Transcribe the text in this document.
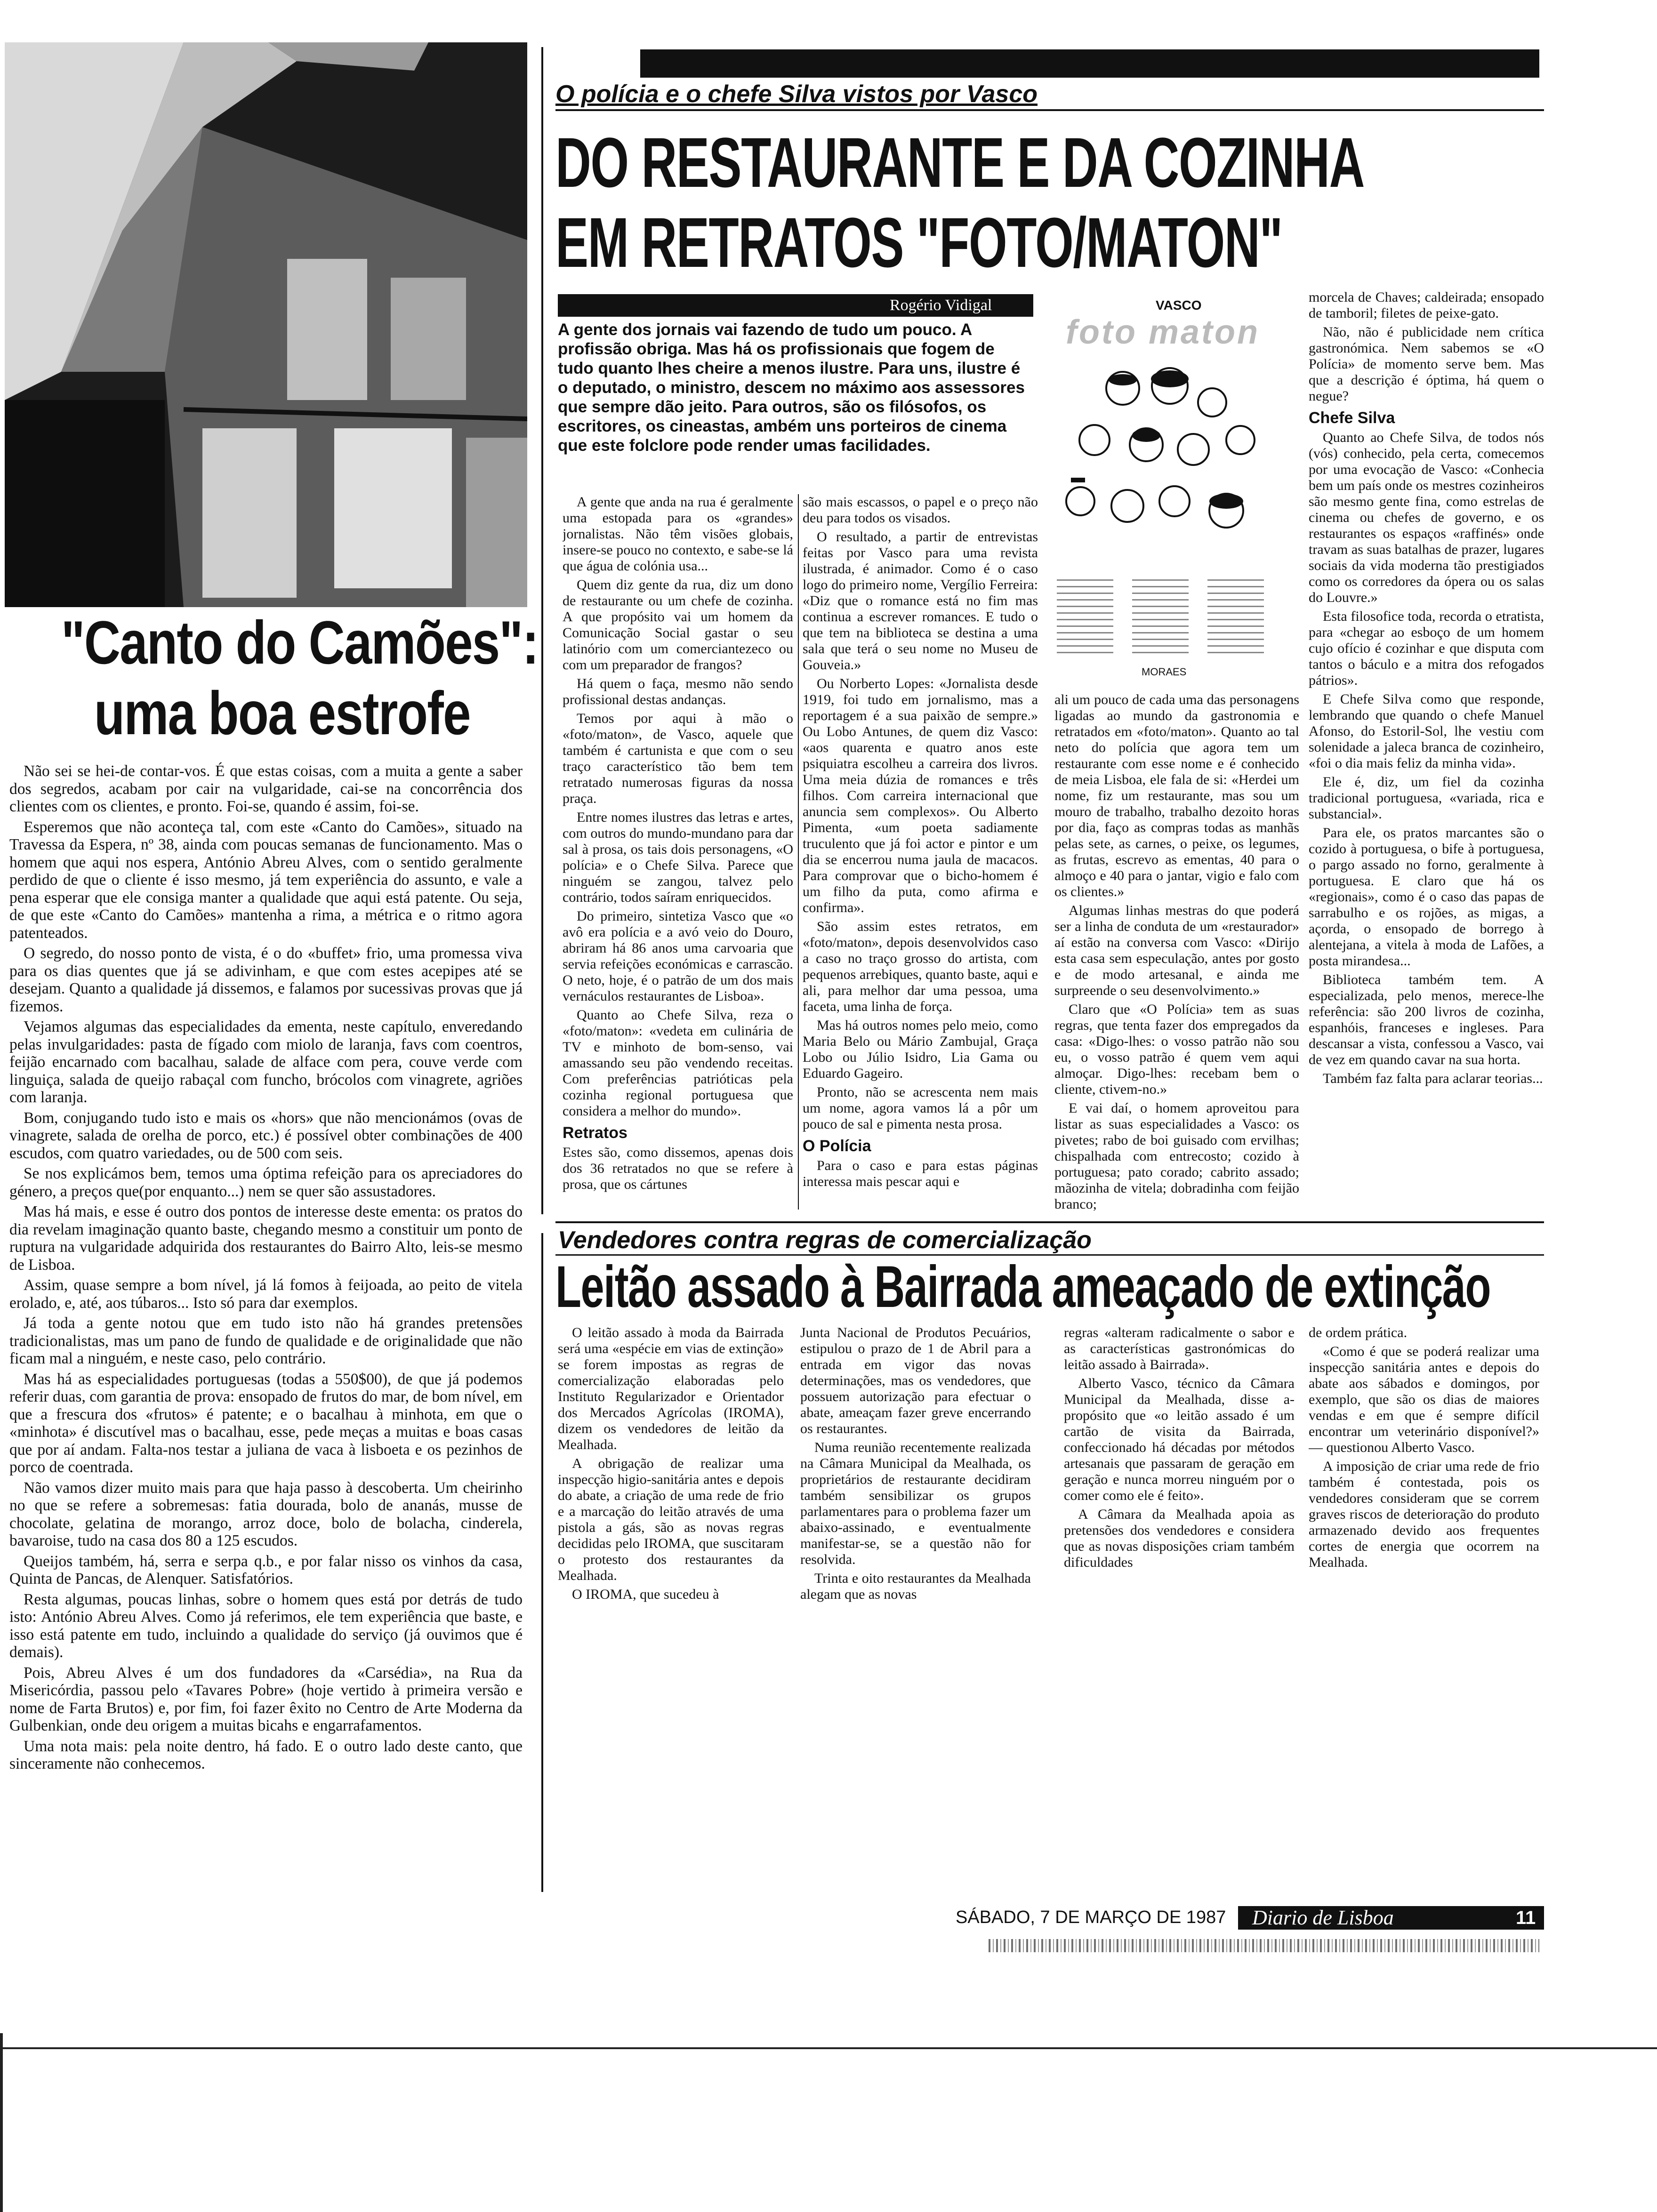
"Canto do Camões":
uma boa estrofe

Não sei se hei-de contar-vos. É que estas coisas, com a muita a gente a saber dos segredos, acabam por cair na vulgaridade, cai-se na concorrência dos clientes com os clientes, e pronto. Foi-se, quando é assim, foi-se.

Esperemos que não aconteça tal, com este «Canto do Camões», situado na Travessa da Espera, nº 38, ainda com poucas semanas de funcionamento. Mas o homem que aqui nos espera, António Abreu Alves, com o sentido geralmente perdido de que o cliente é isso mesmo, já tem experiência do assunto, e vale a pena esperar que ele consiga manter a qualidade que aqui está patente. Ou seja, de que este «Canto do Camões» mantenha a rima, a métrica e o ritmo agora patenteados.

O segredo, do nosso ponto de vista, é o do «buffet» frio, uma promessa viva para os dias quentes que já se adivinham, e que com estes acepipes até se desejam. Quanto a qualidade já dissemos, e falamos por sucessivas provas que já fizemos.

Vejamos algumas das especialidades da ementa, neste capítulo, enveredando pelas invulgaridades: pasta de fígado com miolo de laranja, favs com coentros, feijão encarnado com bacalhau, salade de alface com pera, couve verde com linguiça, salada de queijo rabaçal com funcho, brócolos com vinagrete, agriões com laranja.

Bom, conjugando tudo isto e mais os «hors» que não mencionámos (ovas de vinagrete, salada de orelha de porco, etc.) é possível obter combinações de 400 escudos, com quatro variedades, ou de 500 com seis.

Se nos explicámos bem, temos uma óptima refeição para os apreciadores do género, a preços que(por enquanto...) nem se quer são assustadores.

Mas há mais, e esse é outro dos pontos de interesse deste ementa: os pratos do dia revelam imaginação quanto baste, chegando mesmo a constituir um ponto de ruptura na vulgaridade adquirida dos restaurantes do Bairro Alto, leis-se mesmo de Lisboa.

Assim, quase sempre a bom nível, já lá fomos à feijoada, ao peito de vitela erolado, e, até, aos túbaros... Isto só para dar exemplos.

Já toda a gente notou que em tudo isto não há grandes pretensões tradicionalistas, mas um pano de fundo de qualidade e de originalidade que não ficam mal a ninguém, e neste caso, pelo contrário.

Mas há as especialidades portuguesas (todas a 550$00), de que já podemos referir duas, com garantia de prova: ensopado de frutos do mar, de bom nível, em que a frescura dos «frutos» é patente; e o bacalhau à minhota, em que o «minhota» é discutível mas o bacalhau, esse, pede meças a muitas e boas casas que por aí andam. Falta-nos testar a juliana de vaca à lisboeta e os pezinhos de porco de coentrada.

Não vamos dizer muito mais para que haja passo à descoberta. Um cheirinho no que se refere a sobremesas: fatia dourada, bolo de ananás, musse de chocolate, gelatina de morango, arroz doce, bolo de bolacha, cinderela, bavaroise, tudo na casa dos 80 a 125 escudos.

Queijos também, há, serra e serpa q.b., e por falar nisso os vinhos da casa, Quinta de Pancas, de Alenquer. Satisfatórios.

Resta algumas, poucas linhas, sobre o homem ques está por detrás de tudo isto: António Abreu Alves. Como já referimos, ele tem experiência que baste, e isso está patente em tudo, incluindo a qualidade do serviço (já ouvimos que é demais).

Pois, Abreu Alves é um dos fundadores da «Carsédia», na Rua da Misericórdia, passou pelo «Tavares Pobre» (hoje vertido à primeira versão e nome de Farta Brutos) e, por fim, foi fazer êxito no Centro de Arte Moderna da Gulbenkian, onde deu origem a muitas bicahs e engarrafamentos.

Uma nota mais: pela noite dentro, há fado. E o outro lado deste canto, que sinceramente não conhecemos.

O polícia e o chefe Silva vistos por Vasco
DO RESTAURANTE E DA COZINHA
EM RETRATOS "FOTO/MATON"
Rogério Vidigal
A gente dos jornais vai fazendo de tudo um pouco. A profissão obriga. Mas há os profissionais que fogem de tudo quanto lhes cheire a menos ilustre. Para uns, ilustre é o deputado, o ministro, descem no máximo aos assessores que sempre dão jeito. Para outros, são os filósofos, os escritores, os cineastas, ambém uns porteiros de cinema que este folclore pode render umas facilidades.
VASCO
foto maton
MORAES

A gente que anda na rua é geralmente uma estopada para os «grandes» jornalistas. Não têm visões globais, insere-se pouco no contexto, e sabe-se lá que água de colónia usa...

Quem diz gente da rua, diz um dono de restaurante ou um chefe de cozinha. A que propósito vai um homem da Comunicação Social gastar o seu latinório com um comerciantezeco ou com um preparador de frangos?

Há quem o faça, mesmo não sendo profissional destas andanças.

Temos por aqui à mão o «foto/maton», de Vasco, aquele que também é cartunista e que com o seu traço característico tão bem tem retratado numerosas figuras da nossa praça.

Entre nomes ilustres das letras e artes, com outros do mundo-mundano para dar sal à prosa, os tais dois personagens, «O polícia» e o Chefe Silva. Parece que ninguém se zangou, talvez pelo contrário, todos saíram enriquecidos.

Do primeiro, sintetiza Vasco que «o avô era polícia e a avó veio do Douro, abriram há 86 anos uma carvoaria que servia refeições económicas e carrascão. O neto, hoje, é o patrão de um dos mais vernáculos restaurantes de Lisboa».

Quanto ao Chefe Silva, reza o «foto/maton»: «vedeta em culinária de TV e minhoto de bom-senso, vai amassando seu pão vendendo receitas. Com preferências patrióticas pela cozinha regional portuguesa que considera a melhor do mundo».

Retratos

Estes são, como dissemos, apenas dois dos 36 retratados no que se refere à prosa, que os cártunes

são mais escassos, o papel e o preço não deu para todos os visados.

O resultado, a partir de entrevistas feitas por Vasco para uma revista ilustrada, é animador. Como é o caso logo do primeiro nome, Vergílio Ferreira: «Diz que o romance está no fim mas continua a escrever romances. E tudo o que tem na biblioteca se destina a uma sala que terá o seu nome no Museu de Gouveia.»

Ou Norberto Lopes: «Jornalista desde 1919, foi tudo em jornalismo, mas a reportagem é a sua paixão de sempre.» Ou Lobo Antunes, de quem diz Vasco: «aos quarenta e quatro anos este psiquiatra escolheu a carreira dos livros. Uma meia dúzia de romances e três filhos. Com carreira internacional que anuncia sem complexos». Ou Alberto Pimenta, «um poeta sadiamente truculento que já foi actor e pintor e um dia se encerrou numa jaula de macacos. Para comprovar que o bicho-homem é um filho da puta, como afirma e confirma».

São assim estes retratos, em «foto/maton», depois desenvolvidos caso a caso no traço grosso do artista, com pequenos arrebiques, quanto baste, aqui e ali, para melhor dar uma pessoa, uma faceta, uma linha de força.

Mas há outros nomes pelo meio, como Maria Belo ou Mário Zambujal, Graça Lobo ou Júlio Isidro, Lia Gama ou Eduardo Gageiro.

Pronto, não se acrescenta nem mais um nome, agora vamos lá a pôr um pouco de sal e pimenta nesta prosa.

O Polícia

Para o caso e para estas páginas interessa mais pescar aqui e

ali um pouco de cada uma das personagens ligadas ao mundo da gastronomia e retratados em «foto/maton». Quanto ao tal neto do polícia que agora tem um restaurante com esse nome e é conhecido de meia Lisboa, ele fala de si: «Herdei um nome, fiz um restaurante, mas sou um mouro de trabalho, trabalho dezoito horas por dia, faço as compras todas as manhãs pelas sete, as carnes, o peixe, os legumes, as frutas, escrevo as ementas, 40 para o almoço e 40 para o jantar, vigio e falo com os clientes.»

Algumas linhas mestras do que poderá ser a linha de conduta de um «restaurador» aí estão na conversa com Vasco: «Dirijo esta casa sem especulação, antes por gosto e de modo artesanal, e ainda me surpreende o seu desenvolvimento.»

Claro que «O Polícia» tem as suas regras, que tenta fazer dos empregados da casa: «Digo-lhes: o vosso patrão não sou eu, o vosso patrão é quem vem aqui almoçar. Digo-lhes: recebam bem o cliente, ctivem-no.»

E vai daí, o homem aproveitou para listar as suas especialidades a Vasco: os pivetes; rabo de boi guisado com ervilhas; chispalhada com entrecosto; cozido à portuguesa; pato corado; cabrito assado; mãozinha de vitela; dobradinha com feijão branco;

morcela de Chaves; caldeirada; ensopado de tamboril; filetes de peixe-gato.

Não, não é publicidade nem crítica gastronómica. Nem sabemos se «O Polícia» de momento serve bem. Mas que a descrição é óptima, há quem o negue?

Chefe Silva

Quanto ao Chefe Silva, de todos nós (vós) conhecido, pela certa, comecemos por uma evocação de Vasco: «Conhecia bem um país onde os mestres cozinheiros são mesmo gente fina, como estrelas de cinema ou chefes de governo, e os restaurantes os espaços «raffinés» onde travam as suas batalhas de prazer, lugares sociais da vida moderna tão prestigiados como os corredores da ópera ou os salas do Louvre.»

Esta filosofice toda, recorda o etratista, para «chegar ao esboço de um homem cujo ofício é cozinhar e que disputa com tantos o báculo e a mitra dos refogados pátrios».

E Chefe Silva como que responde, lembrando que quando o chefe Manuel Afonso, do Estoril-Sol, lhe vestiu com solenidade a jaleca branca de cozinheiro, «foi o dia mais feliz da minha vida».

Ele é, diz, um fiel da cozinha tradicional portuguesa, «variada, rica e substancial».

Para ele, os pratos marcantes são o cozido à portuguesa, o bife à portuguesa, o pargo assado no forno, geralmente à portuguesa. E claro que há os «regionais», como é o caso das papas de sarrabulho e os rojões, as migas, a açorda, o ensopado de borrego à alentejana, a vitela à moda de Lafões, a posta mirandesa...

Biblioteca também tem. A especializada, pelo menos, merece-lhe referência: são 200 livros de cozinha, espanhóis, franceses e ingleses. Para descansar a vista, confessou a Vasco, vai de vez em quando cavar na sua horta.

Também faz falta para aclarar teorias...

Vendedores contra regras de comercialização
Leitão assado à Bairrada ameaçado de extinção

O leitão assado à moda da Bairrada será uma «espécie em vias de extinção» se forem impostas as regras de comercialização elaboradas pelo Instituto Regularizador e Orientador dos Mercados Agrícolas (IROMA), dizem os vendedores de leitão da Mealhada.

A obrigação de realizar uma inspecção higio-sanitária antes e depois do abate, a criação de uma rede de frio e a marcação do leitão através de uma pistola a gás, são as novas regras decididas pelo IROMA, que suscitaram o protesto dos restaurantes da Mealhada.

O IROMA, que sucedeu à

Junta Nacional de Produtos Pecuários, estipulou o prazo de 1 de Abril para a entrada em vigor das novas determinações, mas os vendedores, que possuem autorização para efectuar o abate, ameaçam fazer greve encerrando os restaurantes.

Numa reunião recentemente realizada na Câmara Municipal da Mealhada, os proprietários de restaurante decidiram também sensibilizar os grupos parlamentares para o problema fazer um abaixo-assinado, e eventualmente manifestar-se, se a questão não for resolvida.

Trinta e oito restaurantes da Mealhada alegam que as novas

regras «alteram radicalmente o sabor e as características gastronómicas do leitão assado à Bairrada».

Alberto Vasco, técnico da Câmara Municipal da Mealhada, disse a-propósito que «o leitão assado é um cartão de visita da Bairrada, confeccionado há décadas por métodos artesanais que passaram de geração em geração e nunca morreu ninguém por o comer como ele é feito».

A Câmara da Mealhada apoia as pretensões dos vendedores e considera que as novas disposições criam também dificuldades

de ordem prática.

«Como é que se poderá realizar uma inspecção sanitária antes e depois do abate aos sábados e domingos, por exemplo, que são os dias de maiores vendas e em que é sempre difícil encontrar um veterinário disponível?» — questionou Alberto Vasco.

A imposição de criar uma rede de frio também é contestada, pois os vendedores consideram que se correm graves riscos de deterioração do produto armazenado devido aos frequentes cortes de energia que ocorrem na Mealhada.

SÁBADO, 7 DE MARÇO DE 1987 Diario de Lisboa	11
